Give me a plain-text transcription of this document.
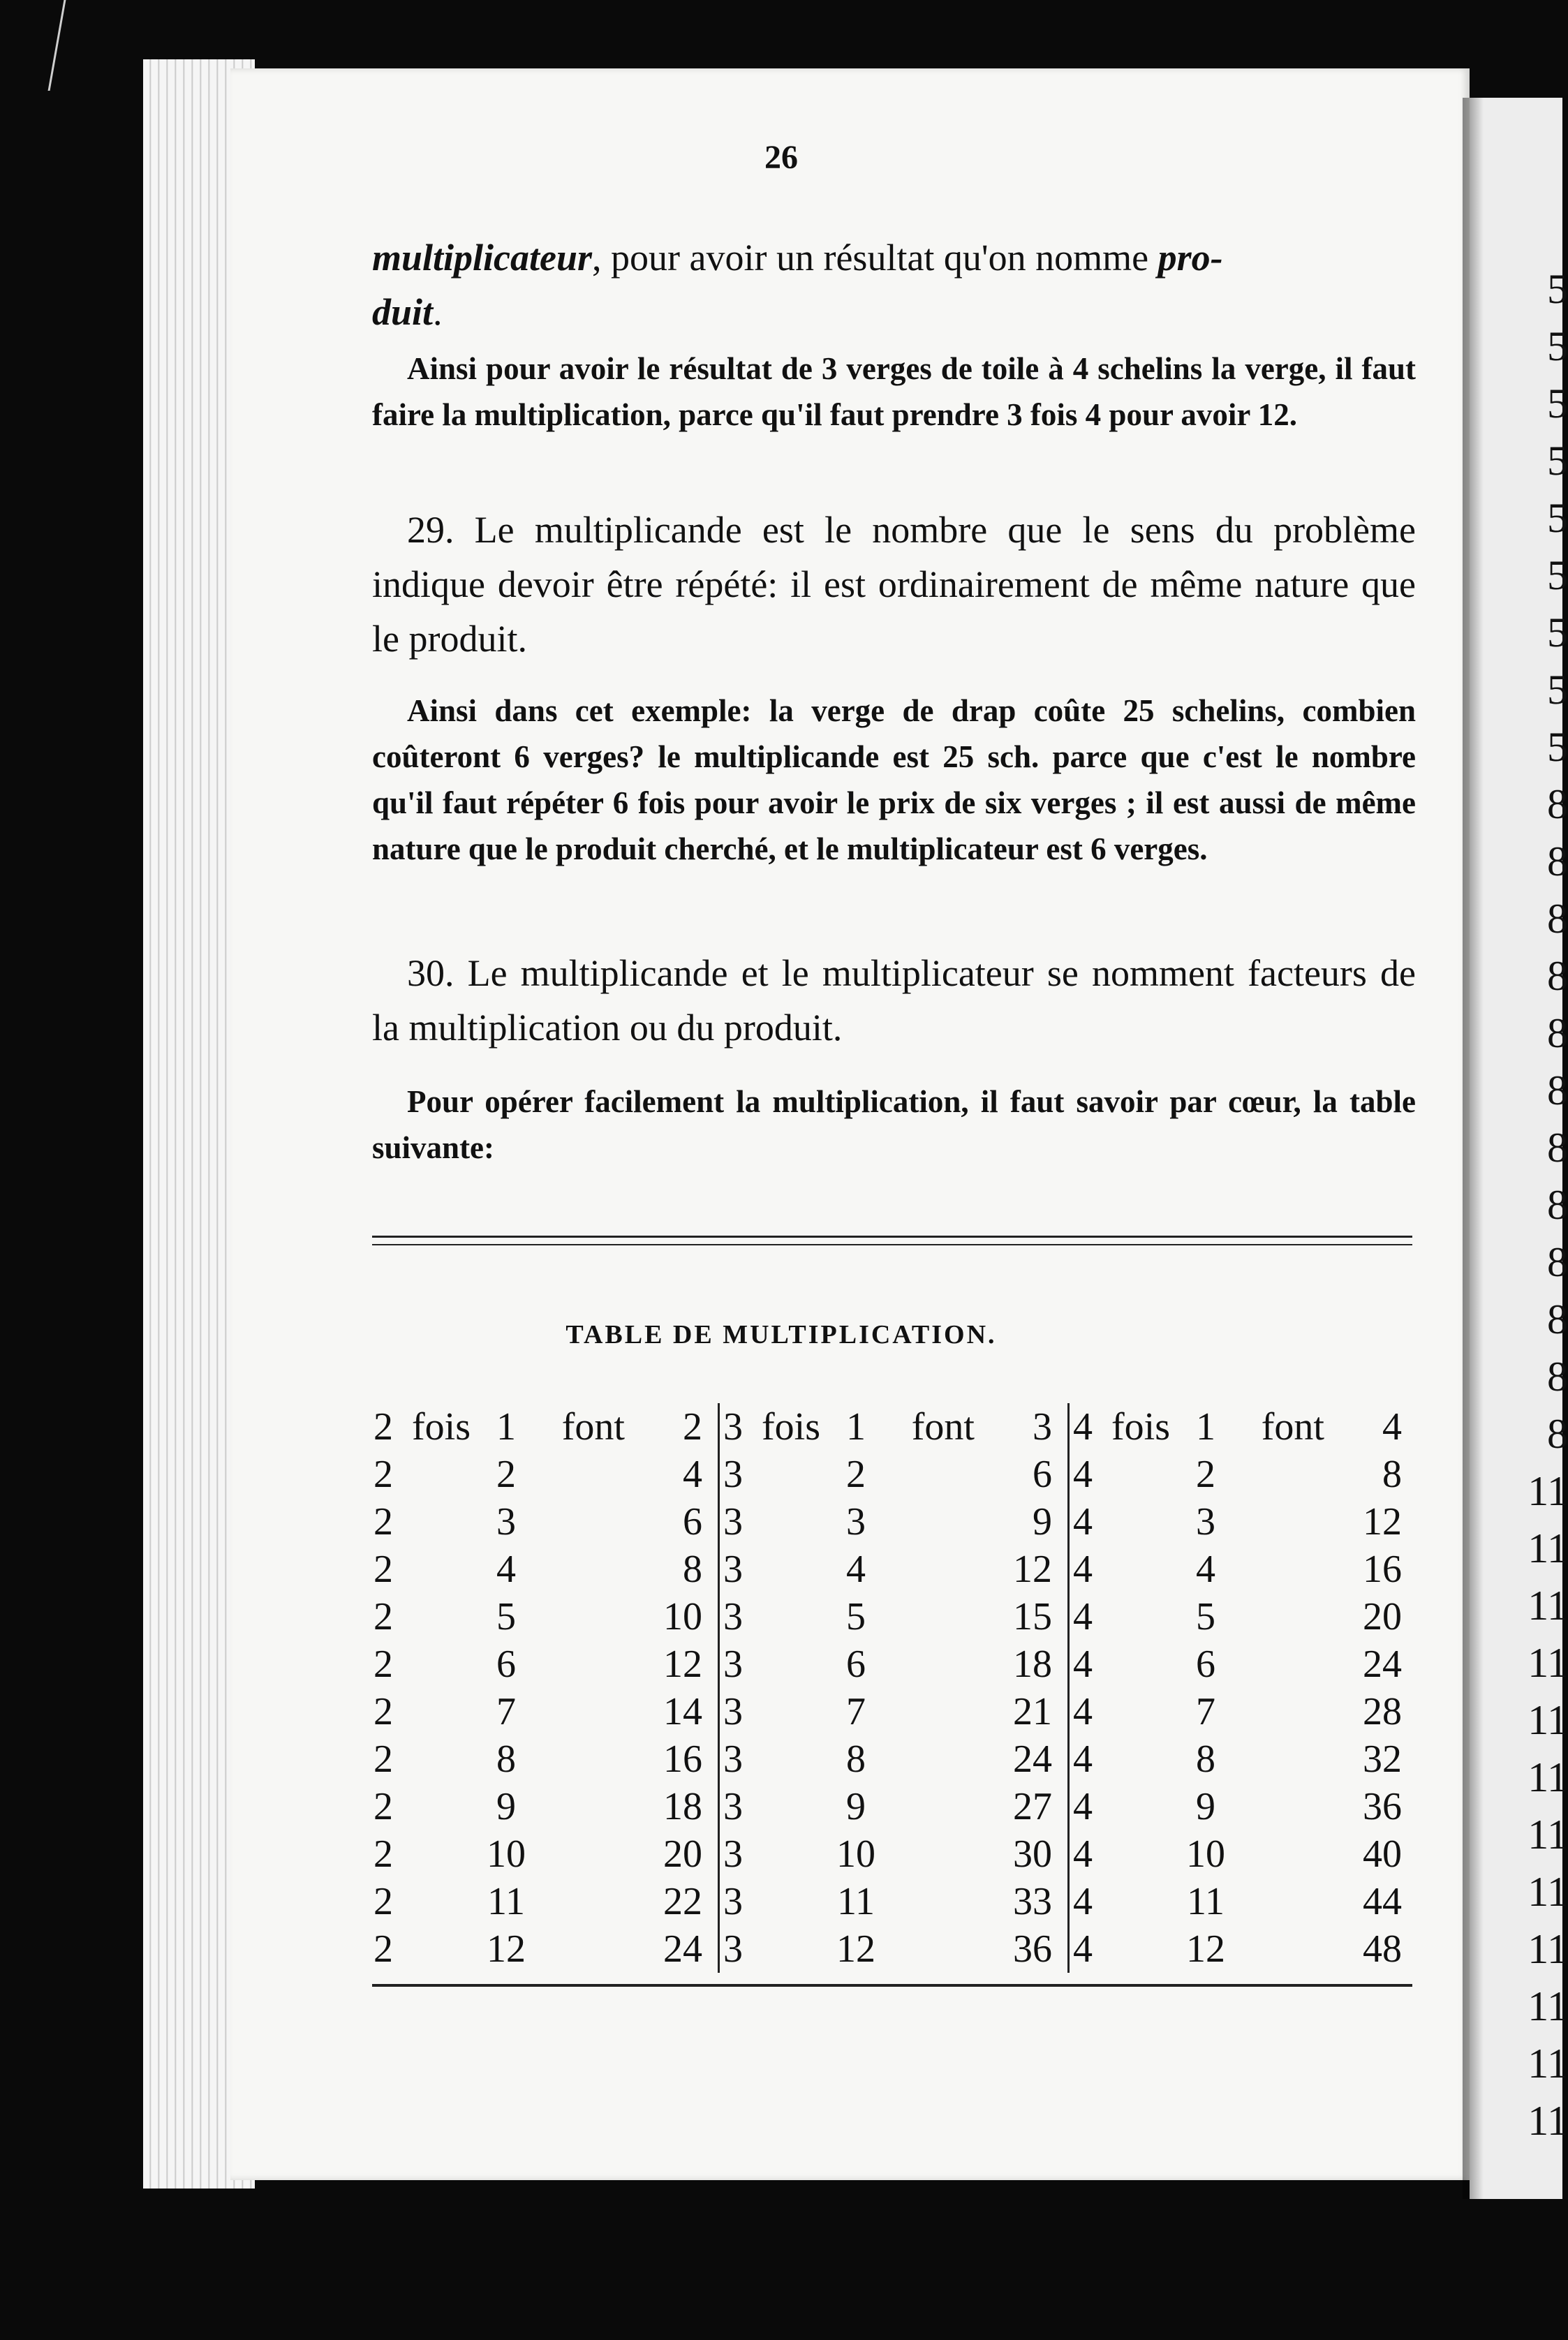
5
5
5
5
5
5
5
5
5
8
8
8
8
8
8
8
8
8
8
8
8
11
11
11
11
11
11
11
11
11
11
11
11
26

multiplicateur, pour avoir un résultat qu'on nomme pro-
duit.

Ainsi pour avoir le résultat de 3 verges de toile à 4 schelins la verge, il faut faire la multiplication, parce qu'il faut prendre 3 fois 4 pour avoir 12.

29. Le multiplicande est le nombre que le sens du problème indique devoir être répété: il est ordinairement de même nature que le produit.

Ainsi dans cet exemple: la verge de drap coûte 25 schelins, combien coûteront 6 verges? le multiplicande est 25 sch. parce que c'est le nombre qu'il faut répéter 6 fois pour avoir le prix de six verges ; il est aussi de même nature que le produit cherché, et le multiplicateur est 6 verges.

30. Le multiplicande et le multiplicateur se nomment facteurs de la multiplication ou du produit.

Pour opérer facilement la multiplication, il faut savoir par cœur, la table suivante:

TABLE DE MULTIPLICATION.
2 fois 1	font	2
2	2	4
2	3	6
2	4	8
2	5	10
2	6	12
2	7	14
2	8	16
2	9	18
2	10	20
2	11	22
2	12	24
3 fois 1	font	3
3	2	6
3	3	9
3	4	12
3	5	15
3	6	18
3	7	21
3	8	24
3	9	27
3	10	30
3	11	33
3	12	36
4 fois 1	font	4
4	2	8
4	3	12
4	4	16
4	5	20
4	6	24
4	7	28
4	8	32
4	9	36
4	10	40
4	11	44
4	12	48
